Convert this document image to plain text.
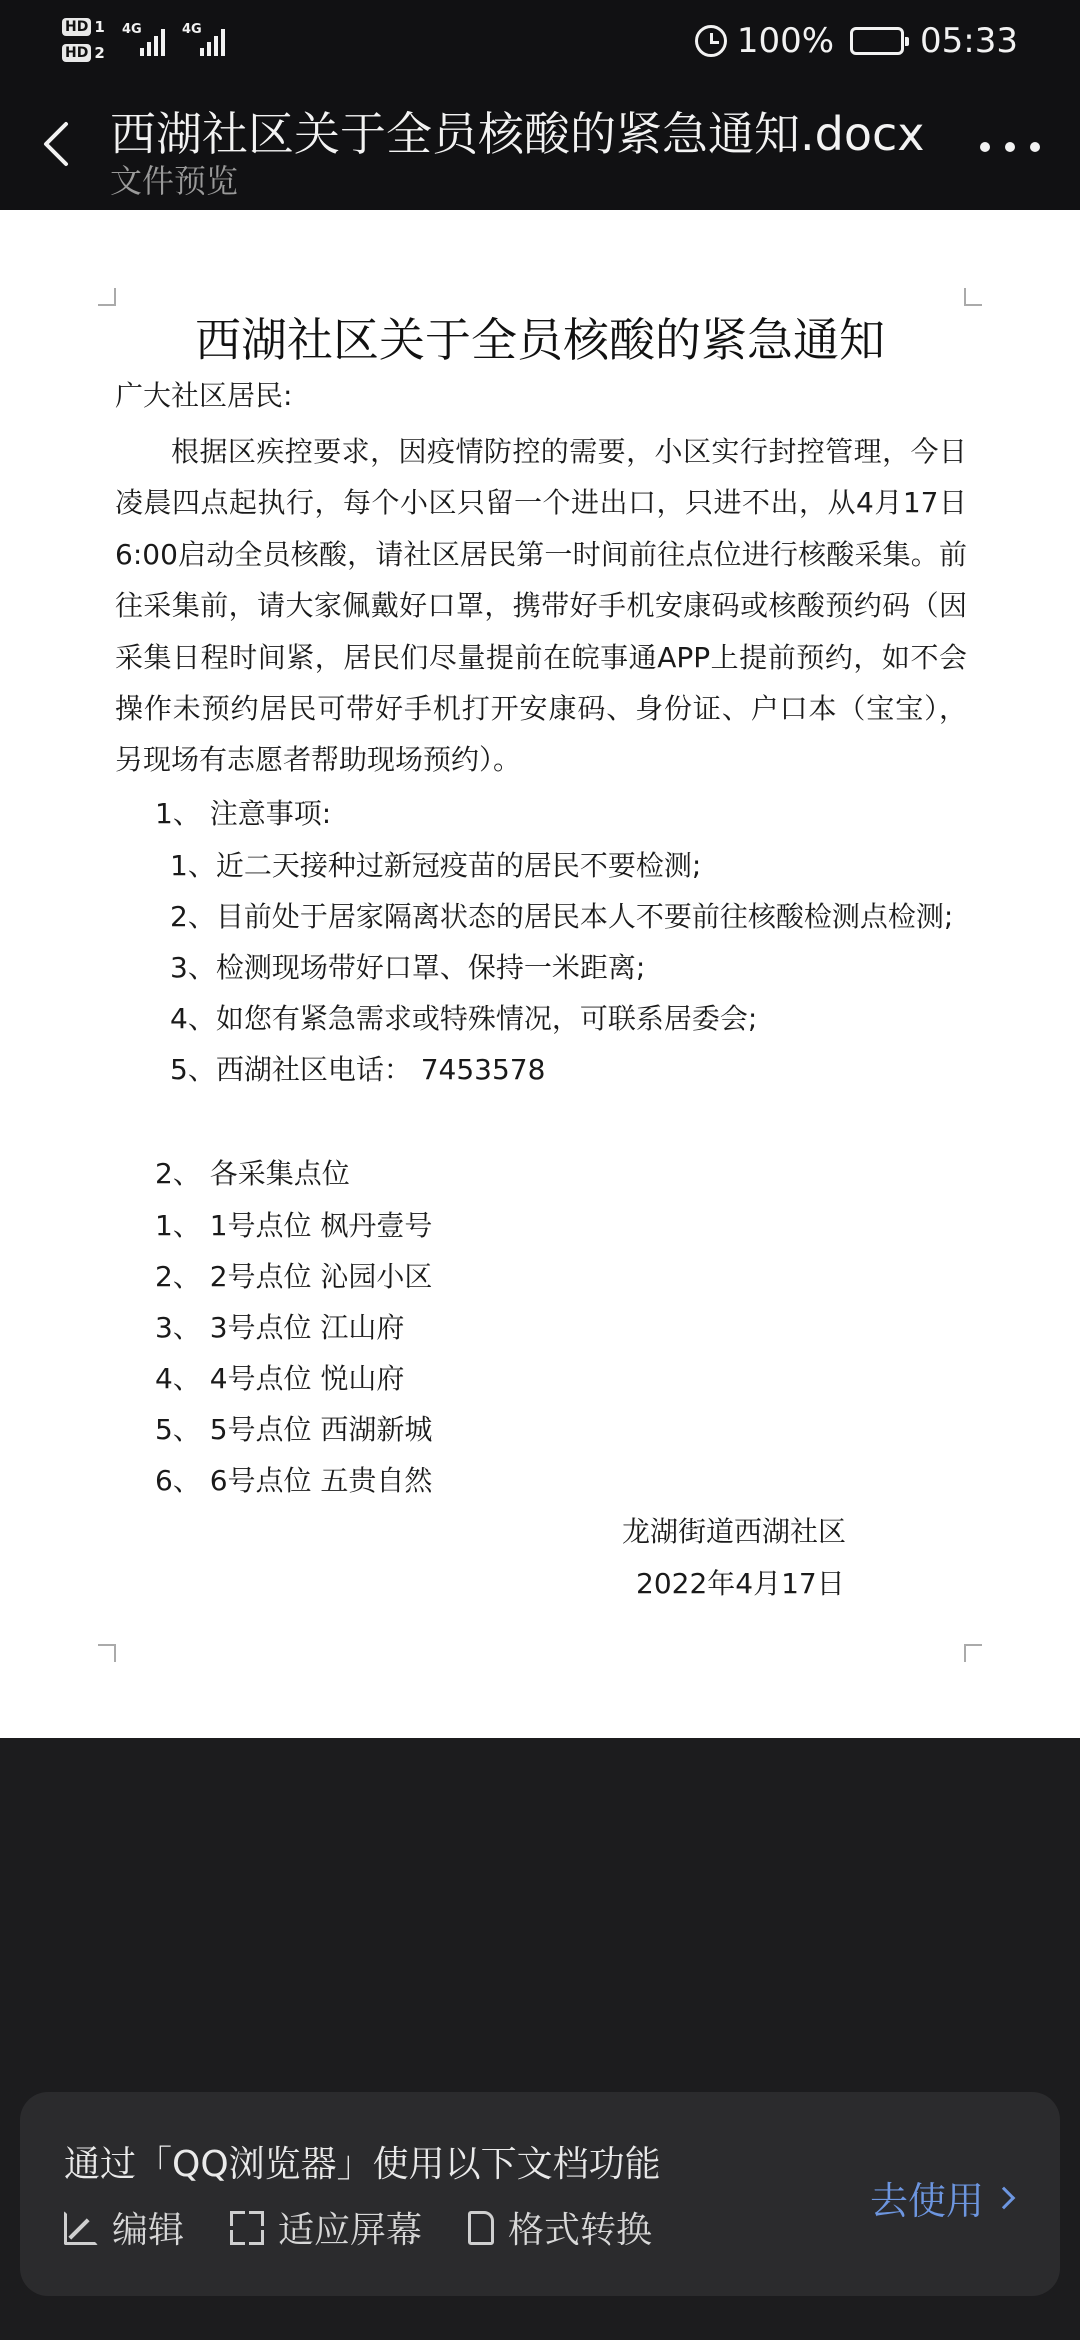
HD 1
HD 2
4G	4G	100%	05:33
西湖社区关于全员核酸的紧急通知.docx
文件预览
西湖社区关于全员核酸的紧急通知
广大社区居民:
根据区疾控要求，因疫情防控的需要，小区实行封控管理，今日凌晨四点起执行，每个小区只留一个进出口，只进不出，从4月17日6:00启动全员核酸，请社区居民第一时间前往点位进行核酸采集。前往采集前，请大家佩戴好口罩，携带好手机安康码或核酸预约码（因采集日程时间紧，居民们尽量提前在皖事通APP上提前预约，如不会操作未预约居民可带好手机打开安康码、身份证、户口本（宝宝），另现场有志愿者帮助现场预约）。
1、 注意事项:
1、近二天接种过新冠疫苗的居民不要检测;
2、目前处于居家隔离状态的居民本人不要前往核酸检测点检测;
3、检测现场带好口罩、保持一米距离;
4、如您有紧急需求或特殊情况，可联系居委会;
5、西湖社区电话： 7453578
2、 各采集点位
1、 1号点位 枫丹壹号
2、 2号点位 沁园小区
3、 3号点位 江山府
4、 4号点位 悦山府
5、 5号点位 西湖新城
6、 6号点位 五贵自然
龙湖街道西湖社区
2022年4月17日
通过「QQ浏览器」使用以下文档功能
编辑	适应屏幕 格式转换
去使用
